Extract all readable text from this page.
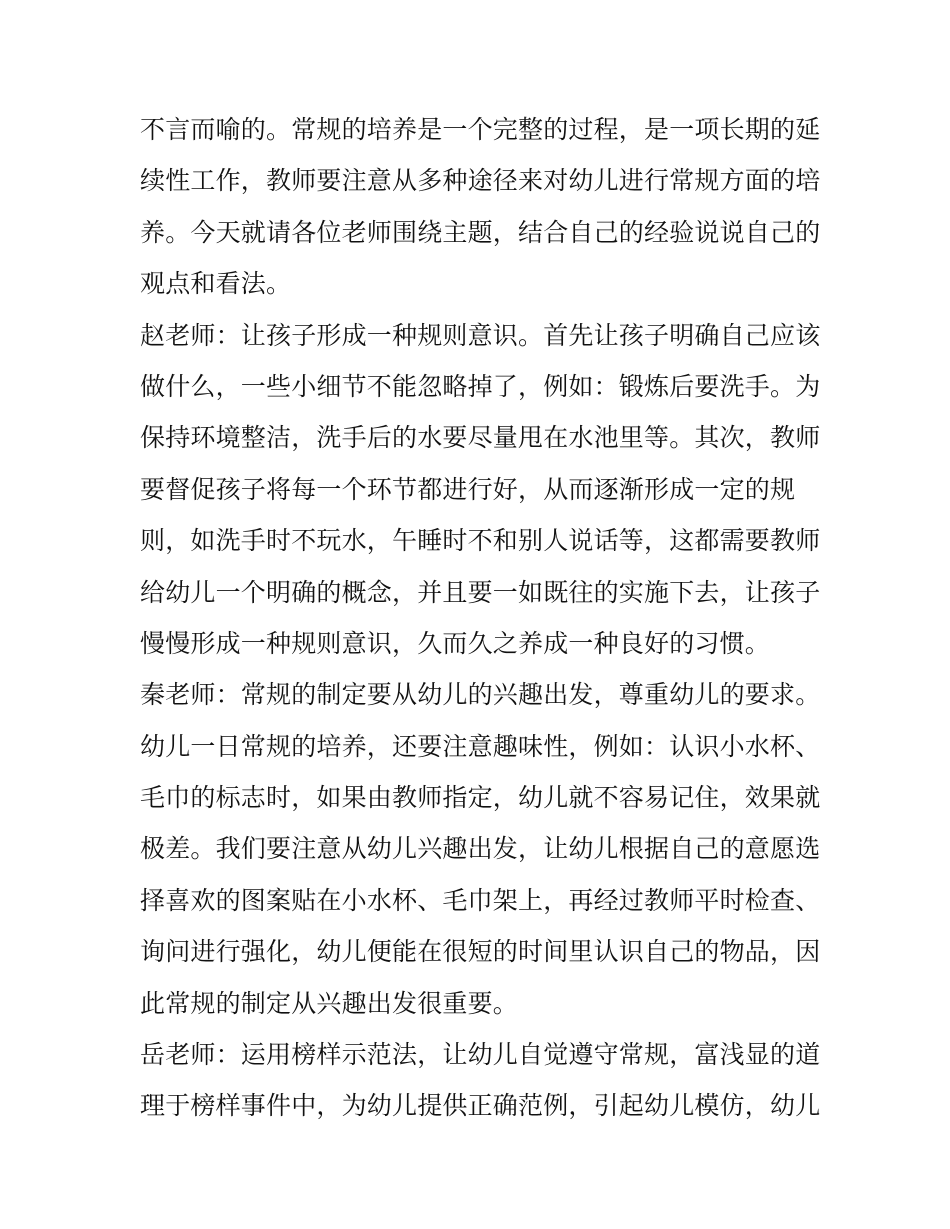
不言而喻的。常规的培养是一个完整的过程，是一项长期的延
续性工作，教师要注意从多种途径来对幼儿进行常规方面的培
养。今天就请各位老师围绕主题，结合自己的经验说说自己的
观点和看法。
赵老师：让孩子形成一种规则意识。首先让孩子明确自己应该
做什么，一些小细节不能忽略掉了，例如：锻炼后要洗手。为
保持环境整洁，洗手后的水要尽量甩在水池里等。其次，教师
要督促孩子将每一个环节都进行好，从而逐渐形成一定的规
则，如洗手时不玩水，午睡时不和别人说话等，这都需要教师
给幼儿一个明确的概念，并且要一如既往的实施下去，让孩子
慢慢形成一种规则意识，久而久之养成一种良好的习惯。
秦老师：常规的制定要从幼儿的兴趣出发，尊重幼儿的要求。
幼儿一日常规的培养，还要注意趣味性，例如：认识小水杯、
毛巾的标志时，如果由教师指定，幼儿就不容易记住，效果就
极差。我们要注意从幼儿兴趣出发，让幼儿根据自己的意愿选
择喜欢的图案贴在小水杯、毛巾架上，再经过教师平时检查、
询问进行强化，幼儿便能在很短的时间里认识自己的物品，因
此常规的制定从兴趣出发很重要。
岳老师：运用榜样示范法，让幼儿自觉遵守常规，富浅显的道
理于榜样事件中，为幼儿提供正确范例，引起幼儿模仿，幼儿
